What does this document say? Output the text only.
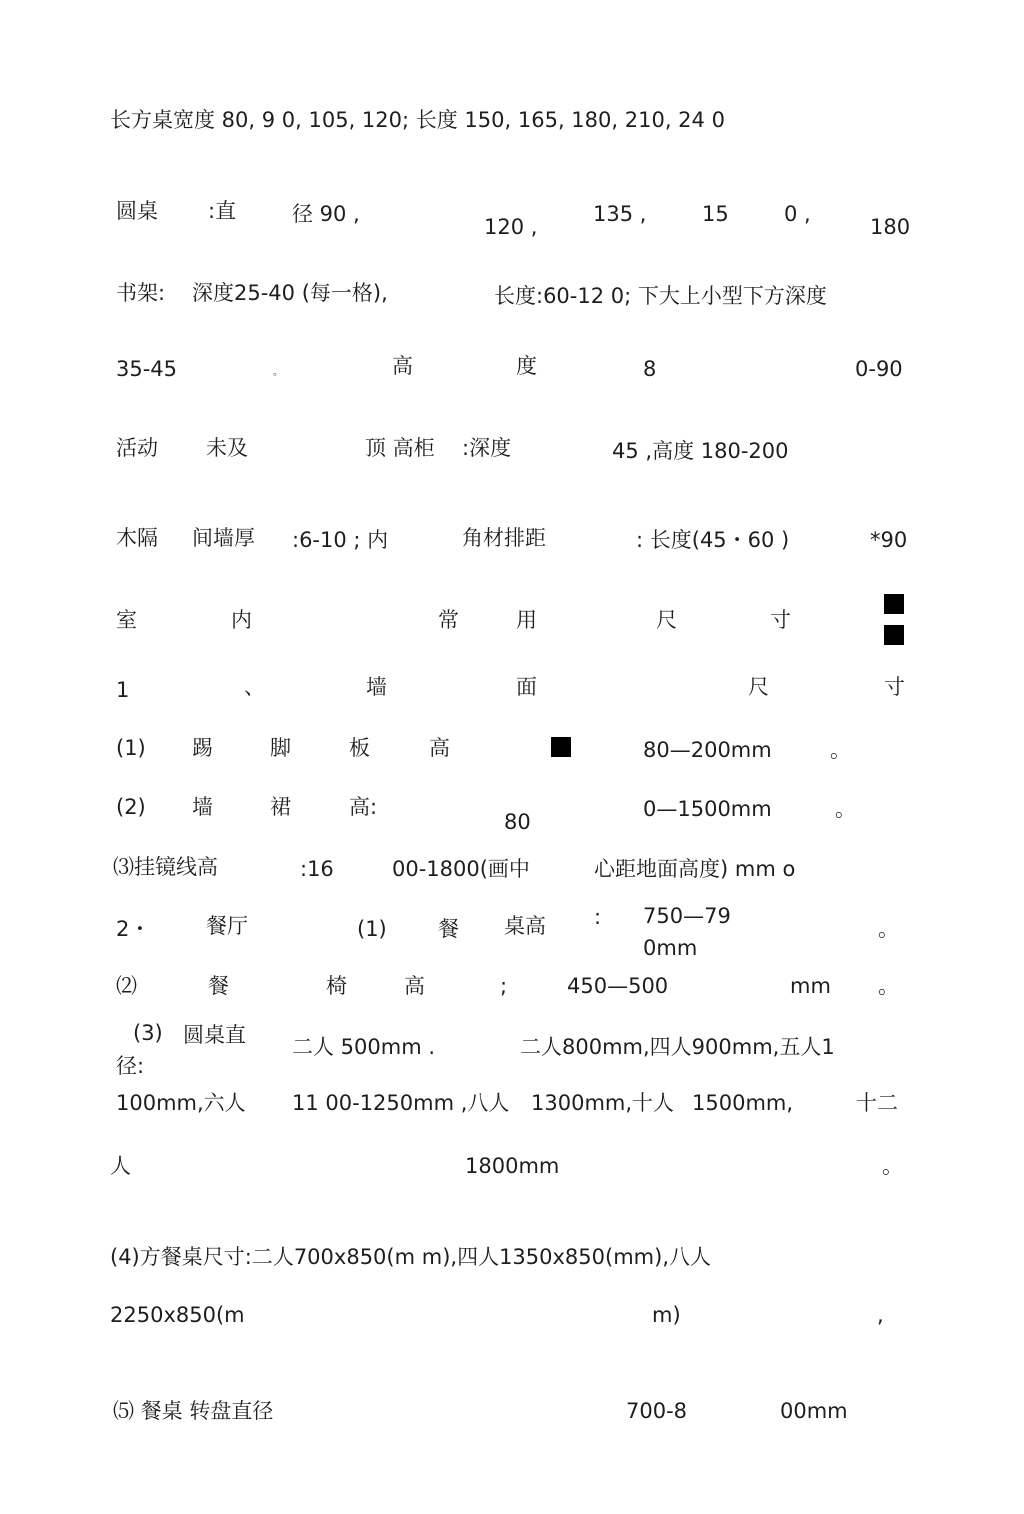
长方桌宽度 80, 9 0, 105, 120; 长度 150, 165, 180, 210, 24 0
圆桌 :直	径 90 ,
120 ,
135 ,	15	0 ,
180
书架: 深度25-40 (每一格),	长度:60-12 0; 下大上小型下方深度
35-45	。	高	度	8	0-90
活动 未及	顶 高柜 :深度	45 ,高度 180-200
木隔 间墙厚 :6-10 ; 内	角材排距	: 长度(45・60 )	*90
室	内	常	用	尺	寸
1	、	墙	面	尺	寸
(1) 踢	脚	板	高	80—200mm	。
(2) 墙	裙	高:
80
0—1500mm	。
⑶挂镜线高	:16	00-1800(画中	心距地面高度) mm o
2・	餐厅	(1) 餐 桌高 : 750—79
0mm
。
⑵	餐	椅	高	;	450—500	mm 。
(3) 圆桌直
径:
二人 500mm .	二人800mm,四人900mm,五人1
100mm,六人 11 00-1250mm ,八人 1300mm,十人 1500mm,	十二
人	1800mm	。
(4)方餐桌尺寸:二人700x850(m m),四人1350x850(mm),八人
2250x850(m	m)	,
⑸ 餐桌 转盘直径	700-8	00mm
